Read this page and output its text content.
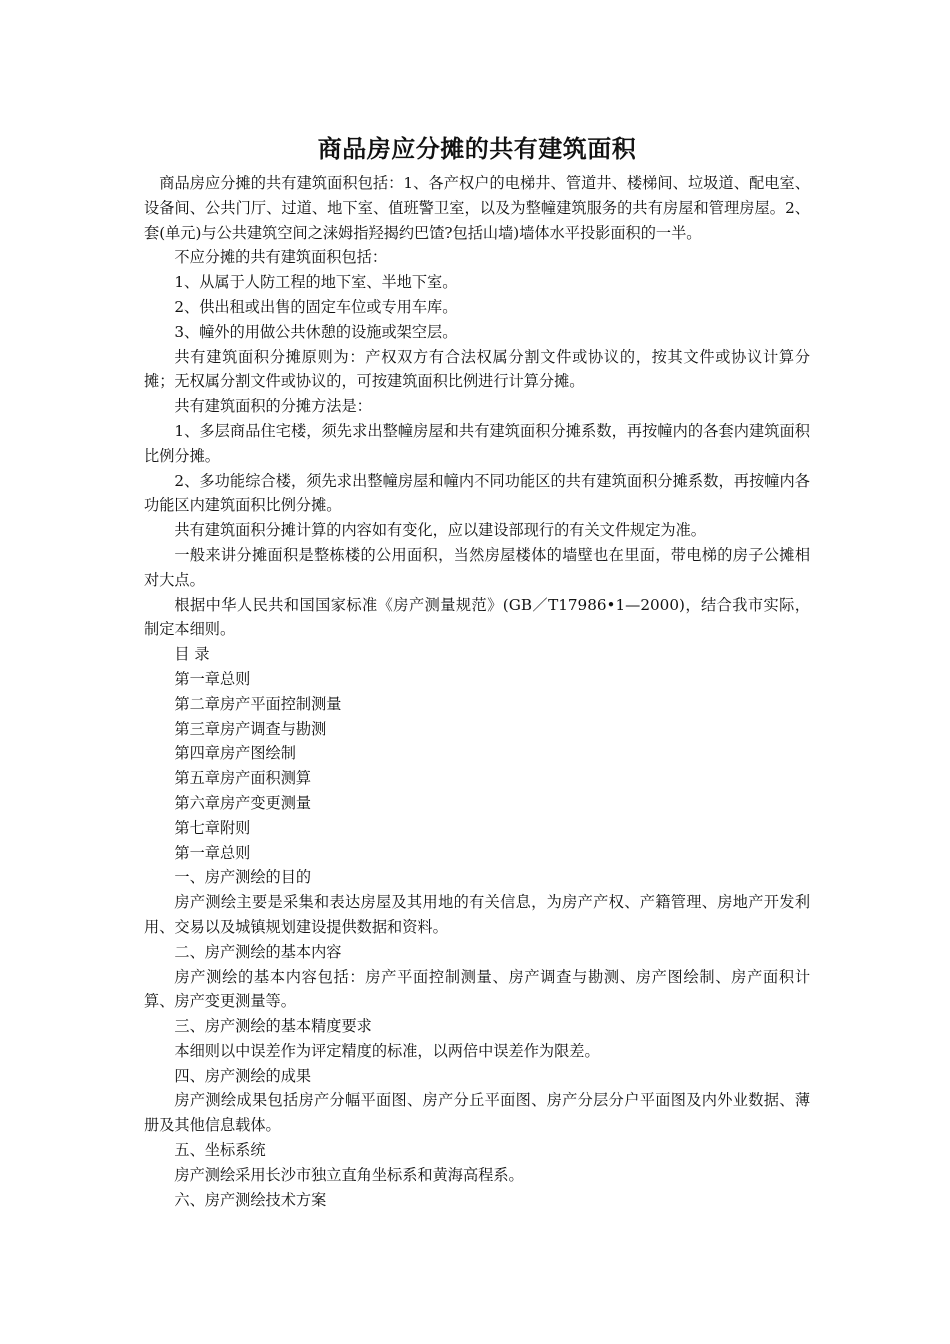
商品房应分摊的共有建筑面积

商品房应分摊的共有建筑面积包括：1、各产权户的电梯井、管道井、楼梯间、垃圾道、配电室、设备间、公共门厅、过道、地下室、值班警卫室，以及为整幢建筑服务的共有房屋和管理房屋。2、套(单元)与公共建筑空间之涞姆指羟揭约巴馇?包括山墙)墙体水平投影面积的一半。

不应分摊的共有建筑面积包括：

1、从属于人防工程的地下室、半地下室。

2、供出租或出售的固定车位或专用车库。

3、幢外的用做公共休憩的设施或架空层。

共有建筑面积分摊原则为：产权双方有合法权属分割文件或协议的，按其文件或协议计算分摊；无权属分割文件或协议的，可按建筑面积比例进行计算分摊。

共有建筑面积的分摊方法是：

1、多层商品住宅楼，须先求出整幢房屋和共有建筑面积分摊系数，再按幢内的各套内建筑面积比例分摊。

2、多功能综合楼，须先求出整幢房屋和幢内不同功能区的共有建筑面积分摊系数，再按幢内各功能区内建筑面积比例分摊。

共有建筑面积分摊计算的内容如有变化，应以建设部现行的有关文件规定为准。

一般来讲分摊面积是整栋楼的公用面积，当然房屋楼体的墙壁也在里面，带电梯的房子公摊相对大点。

根据中华人民共和国国家标准《房产测量规范》(GB／T17986•1—2000)，结合我市实际，制定本细则。

目 录

第一章总则

第二章房产平面控制测量

第三章房产调查与勘测

第四章房产图绘制

第五章房产面积测算

第六章房产变更测量

第七章附则

第一章总则

一、房产测绘的目的

房产测绘主要是采集和表达房屋及其用地的有关信息，为房产产权、产籍管理、房地产开发利用、交易以及城镇规划建设提供数据和资料。

二、房产测绘的基本内容

房产测绘的基本内容包括：房产平面控制测量、房产调查与勘测、房产图绘制、房产面积计算、房产变更测量等。

三、房产测绘的基本精度要求

本细则以中误差作为评定精度的标准，以两倍中误差作为限差。

四、房产测绘的成果

房产测绘成果包括房产分幅平面图、房产分丘平面图、房产分层分户平面图及内外业数据、薄册及其他信息载体。

五、坐标系统

房产测绘采用长沙市独立直角坐标系和黄海高程系。

六、房产测绘技术方案
